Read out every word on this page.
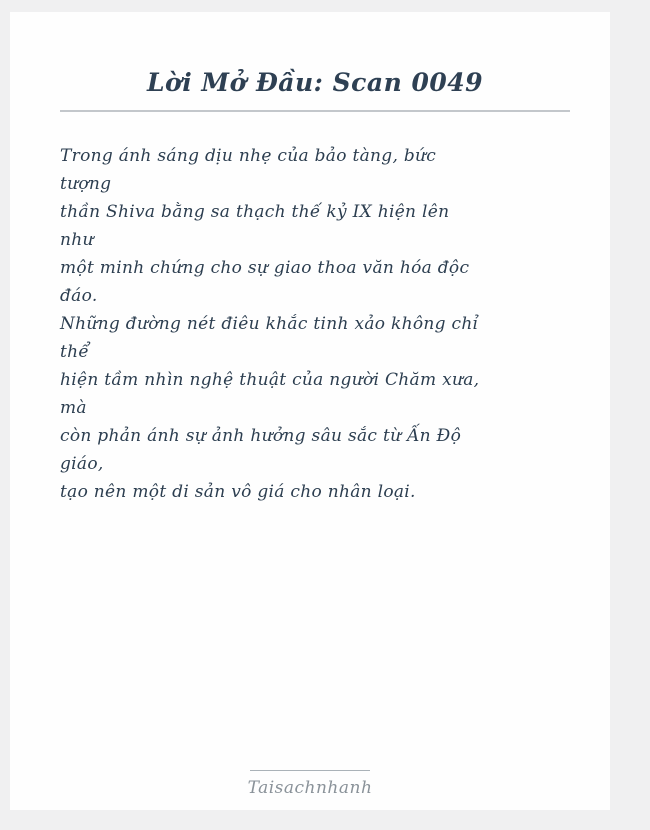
Lời Mở Đầu: Scan 0049

Trong ánh sáng dịu nhẹ của bảo tàng, bức

tượng

thần Shiva bằng sa thạch thế kỷ IX hiện lên

như

một minh chứng cho sự giao thoa văn hóa độc

đáo.

Những đường nét điêu khắc tinh xảo không chỉ

thể

hiện tầm nhìn nghệ thuật của người Chăm xưa,

mà

còn phản ánh sự ảnh hưởng sâu sắc từ Ấn Độ

giáo,

tạo nên một di sản vô giá cho nhân loại.

Taisachnhanh
